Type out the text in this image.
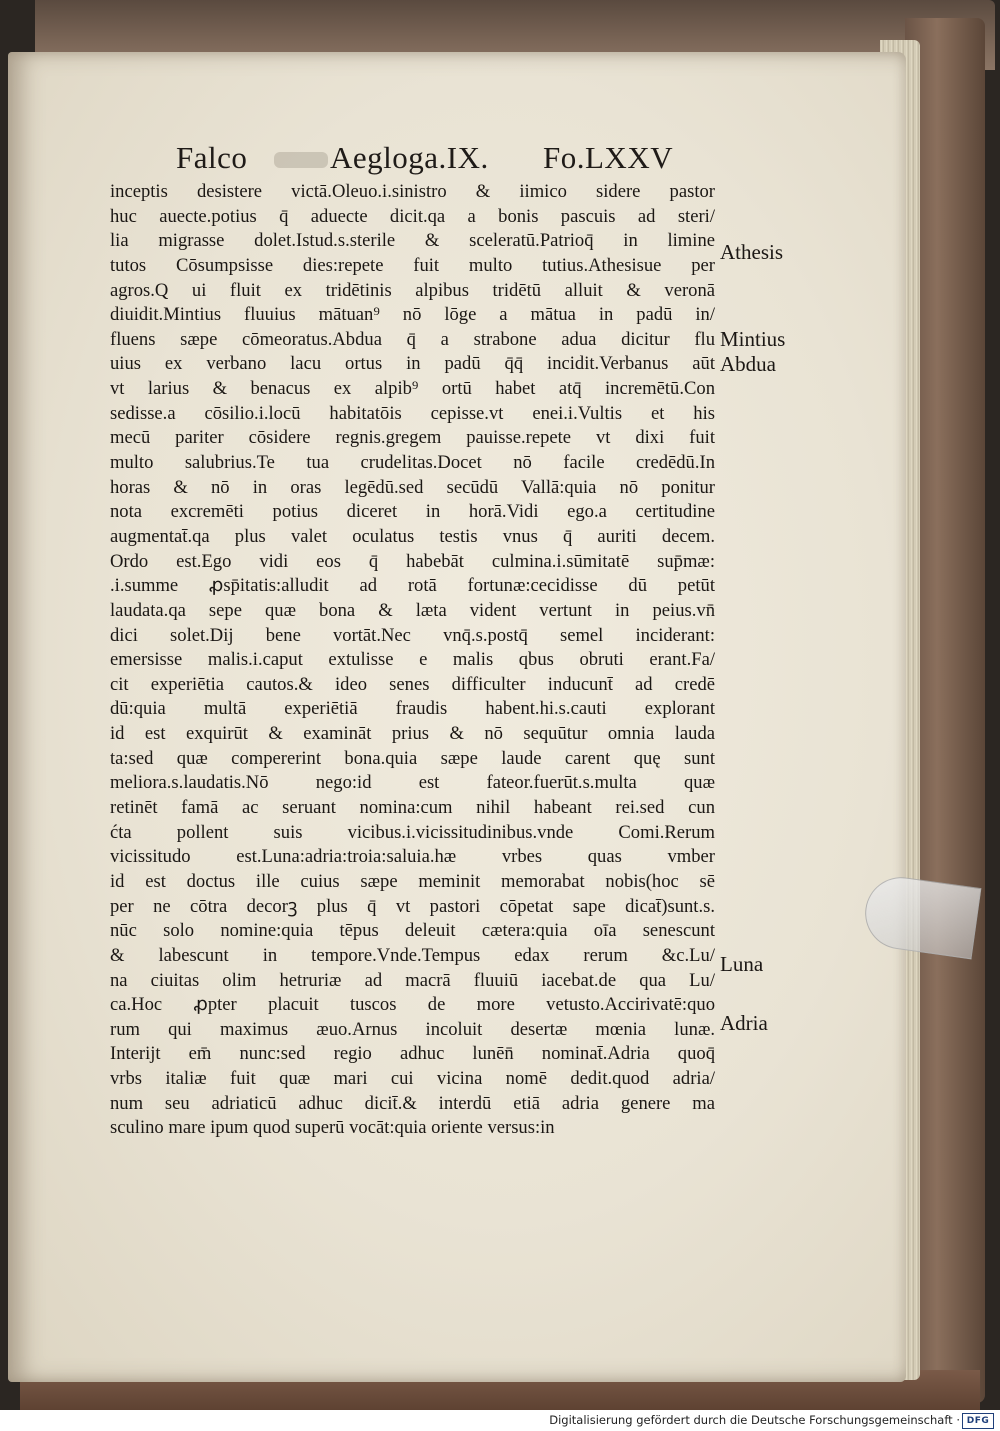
Falco	Aegloga.IX. Fo.LXXV
inceptis desistere victā.Oleuo.i.sinistro & iimico sidere pastor
huc auecte.potius q̄ aduecte dicit.qa a bonis pascuis ad steri/
lia migrasse dolet.Istud.s.sterile & sceleratū.Patrioq̄ in limine
tutos Cōsumpsisse dies:repete fuit multo tutius.Athesisue per
agros.Q ui fluit ex tridētinis alpibus tridētū alluit & veronā
diuidit.Mintius fluuius mātuan⁹ nō lōge a mātua in padū in/
fluens sæpe cōmeoratus.Abdua q̄ a strabone adua dicitur flu
uius ex verbano lacu ortus in padū q̄q̄ incidit.Verbanus aūt
vt larius & benacus ex alpib⁹ ortū habet atq̄ incremētū.Con
sedisse.a cōsilio.i.locū habitatōis cepisse.vt enei.i.Vultis et his
mecū pariter cōsidere regnis.gregem pauisse.repete vt dixi fuit
multo salubrius.Te tua crudelitas.Docet nō facile credēdū.In
horas & nō in oras legēdū.sed secūdū Vallā:quia nō ponitur
nota excremēti potius diceret in horā.Vidi ego.a certitudine
augmentat̄.qa plus valet oculatus testis vnus q̄ auriti decem.
Ordo est.Ego vidi eos q̄ habebāt culmina.i.sūmitatē sup̄mæ:
.i.summe ꝓsp̄itatis:alludit ad rotā fortunæ:cecidisse dū petūt
laudata.qa sepe quæ bona & læta vident vertunt in peius.vn̄
dici solet.Dij bene vortāt.Nec vnq̄.s.postq̄ semel inciderant:
emersisse malis.i.caput extulisse e malis qbus obruti erant.Fa/
cit experiētia cautos.& ideo senes difficulter inducunt̄ ad credē
dū:quia multā experiētiā fraudis habent.hi.s.cauti explorant
id est exquirūt & examināt prius & nō sequūtur omnia lauda
ta:sed quæ compererint bona.quia sæpe laude carent quę sunt
meliora.s.laudatis.Nō nego:id est fateor.fuerūt.s.multa quæ
retinēt famā ac seruant nomina:cum nihil habeant rei.sed cun
ćta pollent suis vicibus.i.vicissitudinibus.vnde Comi.Rerum
vicissitudo est.Luna:adria:troia:saluia.hæ vrbes quas vmber
id est doctus ille cuius sæpe meminit memorabat nobis(hoc sē
per ne cōtra decorꝫ plus q̄ vt pastori cōpetat sape dicat̄)sunt.s.
nūc solo nomine:quia tēpus deleuit cætera:quia oīa senescunt
& labescunt in tempore.Vnde.Tempus edax rerum &c.Lu/
na ciuitas olim hetruriæ ad macrā fluuiū iacebat.de qua Lu/
ca.Hoc ꝓpter placuit tuscos de more vetusto.Accirivatē:quo
rum qui maximus æuo.Arnus incoluit desertæ mœnia lunæ.
Interijt em̄ nunc:sed regio adhuc lunēn̄ nominat̄.Adria quoq̄
vrbs italiæ fuit quæ mari cui vicina nomē dedit.quod adria/
num seu adriaticū adhuc dicit̄.& interdū etiā adria genere ma
sculino mare ipum quod superū vocāt:quia oriente versus:in
Athesis
Mintius
Abdua
Luna
Adria
Digitalisierung gefördert durch die Deutsche Forschungsgemeinschaft · DFG
